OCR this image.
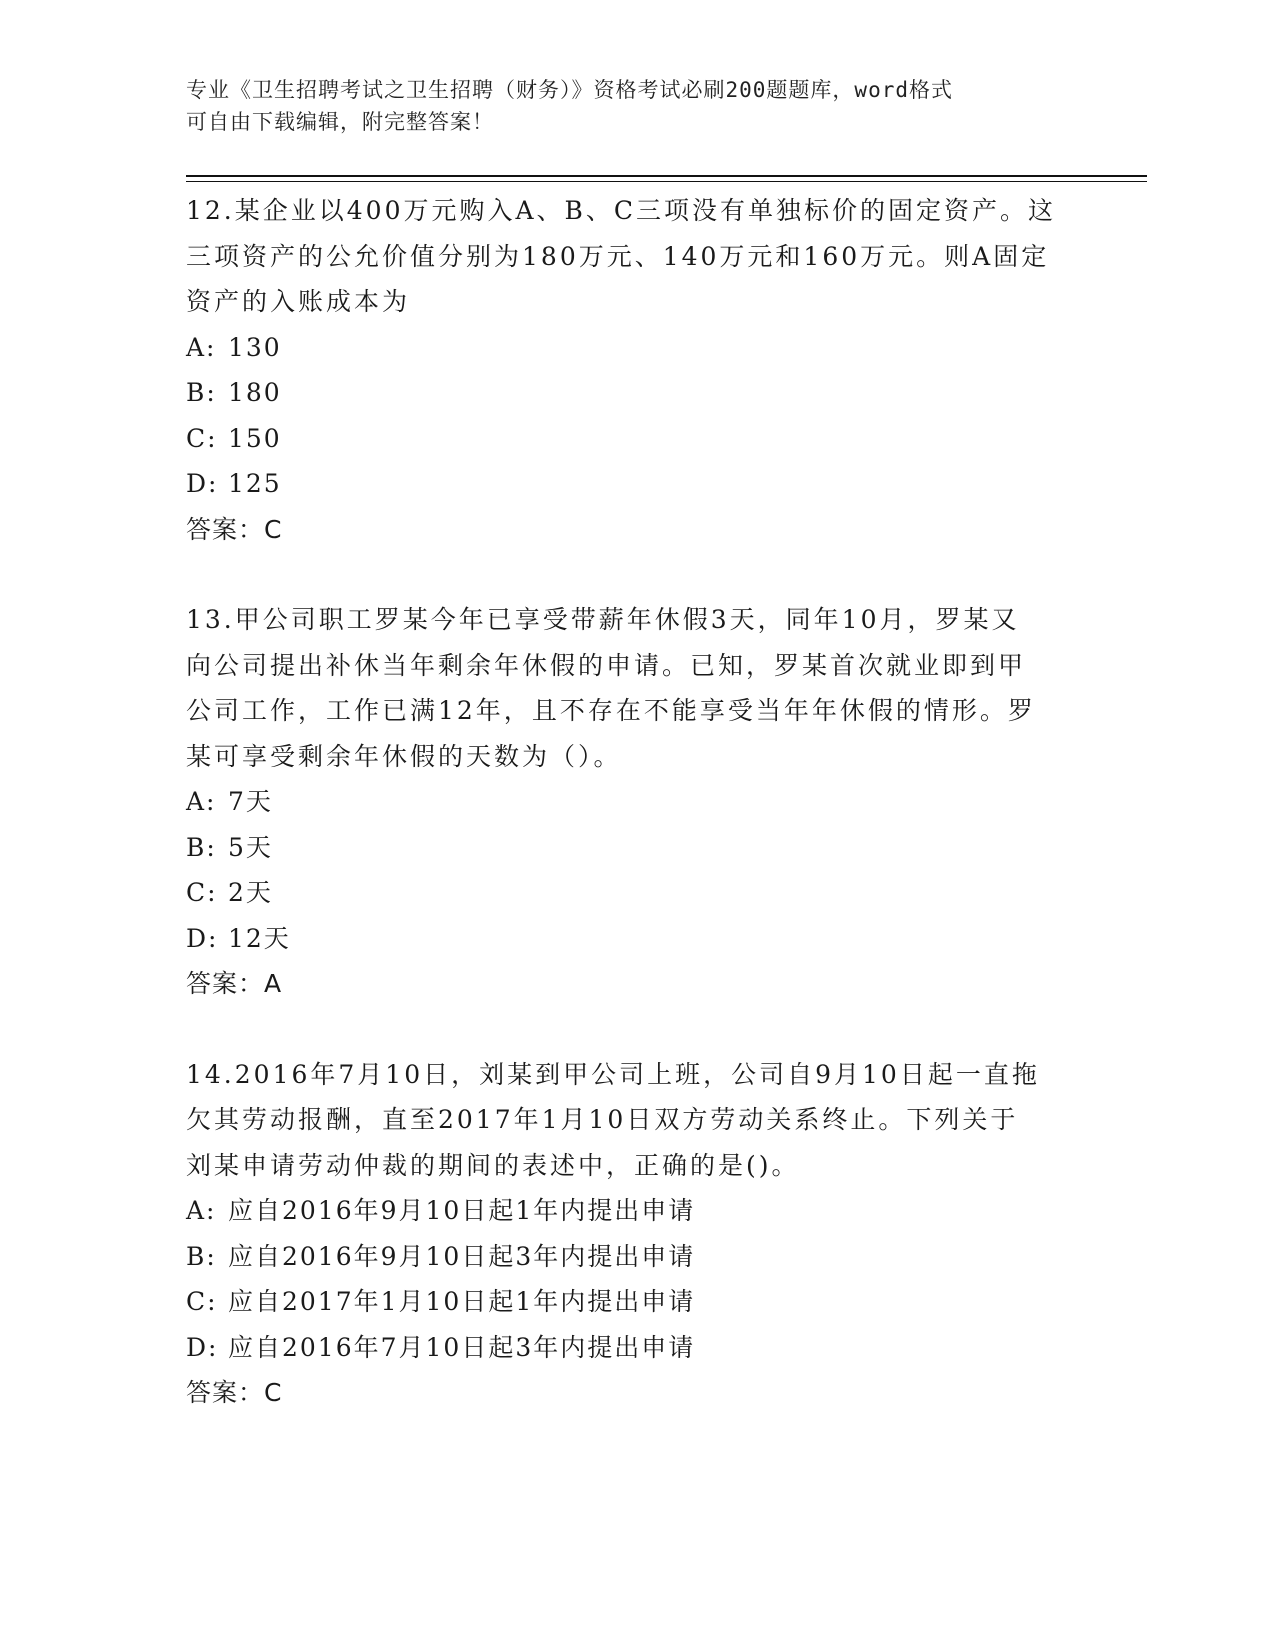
专业《卫生招聘考试之卫生招聘（财务）》资格考试必刷200题题库，word格式
可自由下载编辑，附完整答案！
12.某企业以400万元购入A、B、C三项没有单独标价的固定资产。这
三项资产的公允价值分别为180万元、140万元和160万元。则A固定
资产的入账成本为
A: 130
B: 180
C: 150
D: 125
答案：C
13.甲公司职工罗某今年已享受带薪年休假3天，同年10月，罗某又
向公司提出补休当年剩余年休假的申请。已知，罗某首次就业即到甲
公司工作，工作已满12年，且不存在不能享受当年年休假的情形。罗
某可享受剩余年休假的天数为（）。
A: 7天
B: 5天
C: 2天
D: 12天
答案：A
14.2016年7月10日，刘某到甲公司上班，公司自9月10日起一直拖
欠其劳动报酬，直至2017年1月10日双方劳动关系终止。下列关于
刘某申请劳动仲裁的期间的表述中，正确的是()。
A: 应自2016年9月10日起1年内提出申请
B: 应自2016年9月10日起3年内提出申请
C: 应自2017年1月10日起1年内提出申请
D: 应自2016年7月10日起3年内提出申请
答案：C
